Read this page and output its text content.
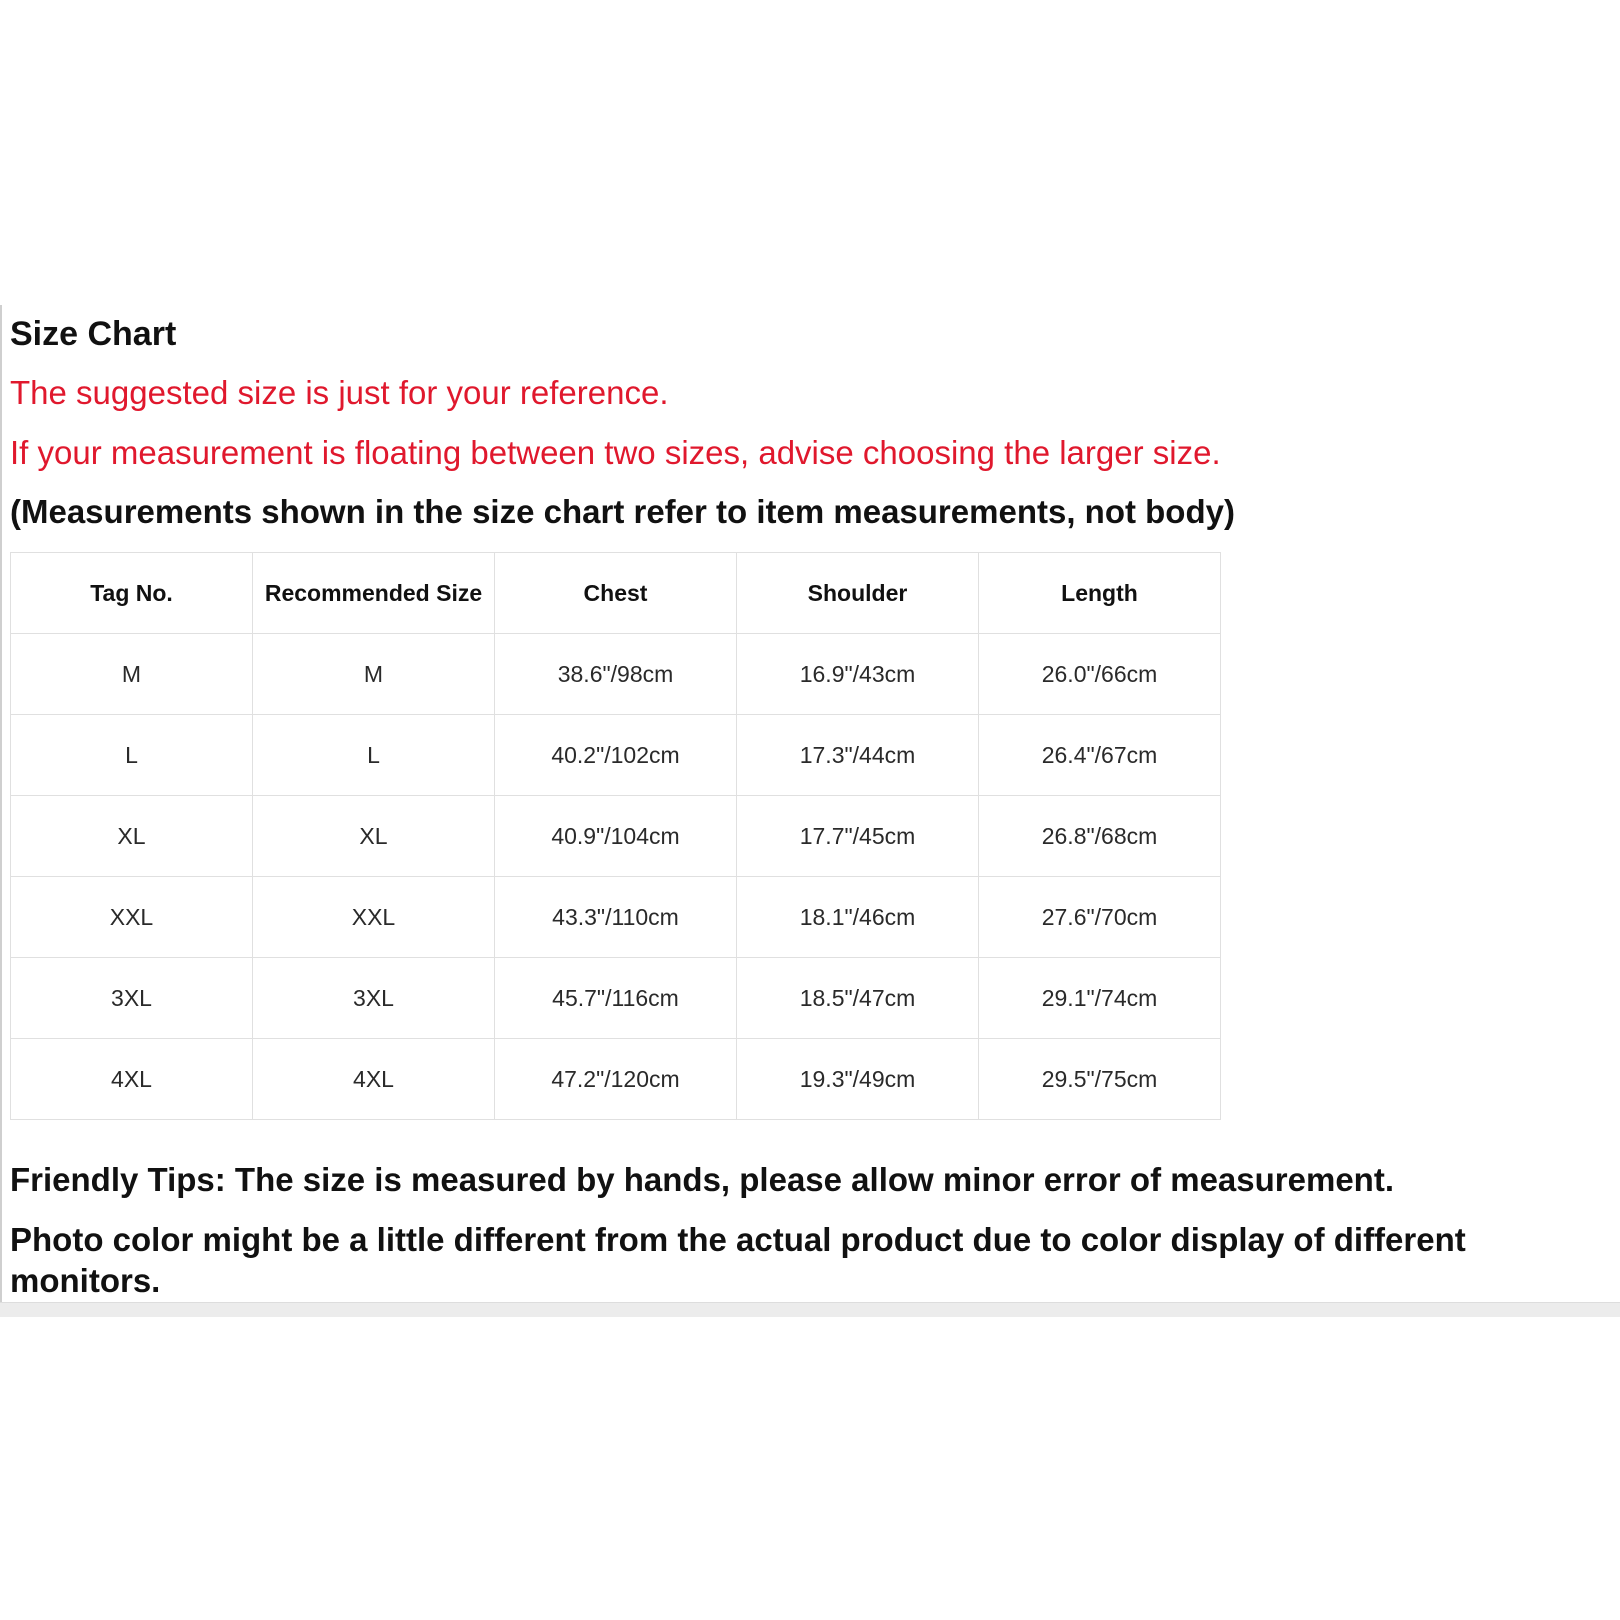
Size Chart

The suggested size is just for your reference.

If your measurement is floating between two sizes, advise choosing the larger size.

(Measurements shown in the size chart refer to item measurements, not body)

Tag No.	Recommended Size	Chest	Shoulder	Length
M	M	38.6"/98cm	16.9"/43cm	26.0"/66cm
L	L	40.2"/102cm	17.3"/44cm	26.4"/67cm
XL	XL	40.9"/104cm	17.7"/45cm	26.8"/68cm
XXL	XXL	43.3"/110cm	18.1"/46cm	27.6"/70cm
3XL	3XL	45.7"/116cm	18.5"/47cm	29.1"/74cm
4XL	4XL	47.2"/120cm	19.3"/49cm	29.5"/75cm

Friendly Tips: The size is measured by hands, please allow minor error of measurement.

Photo color might be a little different from the actual product due to color display of different monitors.
